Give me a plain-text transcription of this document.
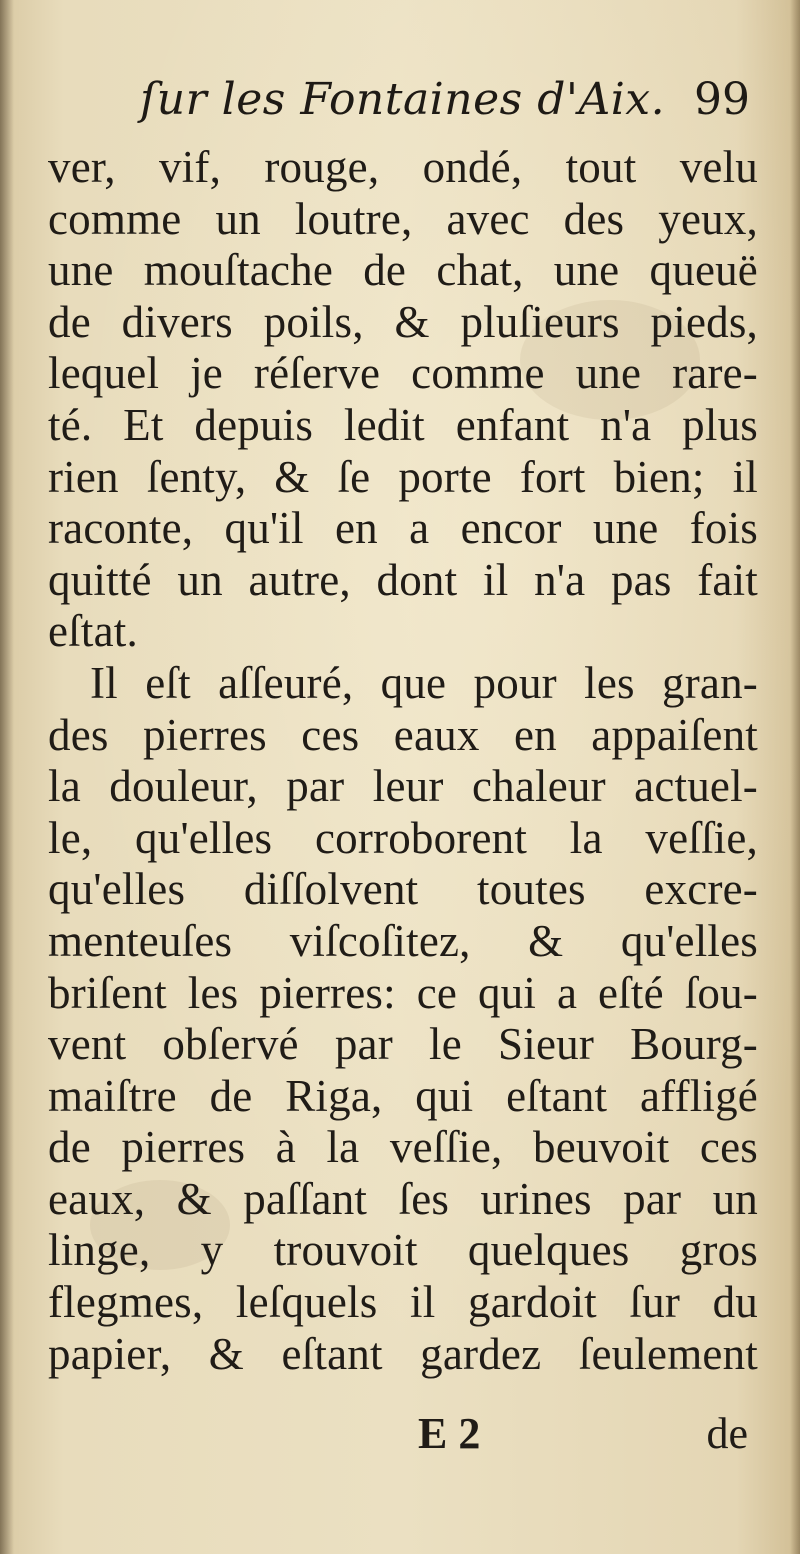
ſur les Fontaines d'Aix. 99
ver, vif, rouge, ondé, tout velu
comme un loutre, avec des yeux,
une mouſtache de chat, une queuë
de divers poils, & pluſieurs pieds,
lequel je réſerve comme une rare-
té. Et depuis ledit enfant n'a plus
rien ſenty, & ſe porte fort bien; il
raconte, qu'il en a encor une fois
quitté un autre, dont il n'a pas fait
eſtat.
Il eſt aſſeuré, que pour les gran-
des pierres ces eaux en appaiſent
la douleur, par leur chaleur actuel-
le, qu'elles corroborent la veſſie,
qu'elles diſſolvent toutes excre-
menteuſes viſcoſitez, & qu'elles
briſent les pierres: ce qui a eſté ſou-
vent obſervé par le Sieur Bourg-
maiſtre de Riga, qui eſtant affligé
de pierres à la veſſie, beuvoit ces
eaux, & paſſant ſes urines par un
linge, y trouvoit quelques gros
flegmes, leſquels il gardoit ſur du
papier, & eſtant gardez ſeulement
E 2	de
